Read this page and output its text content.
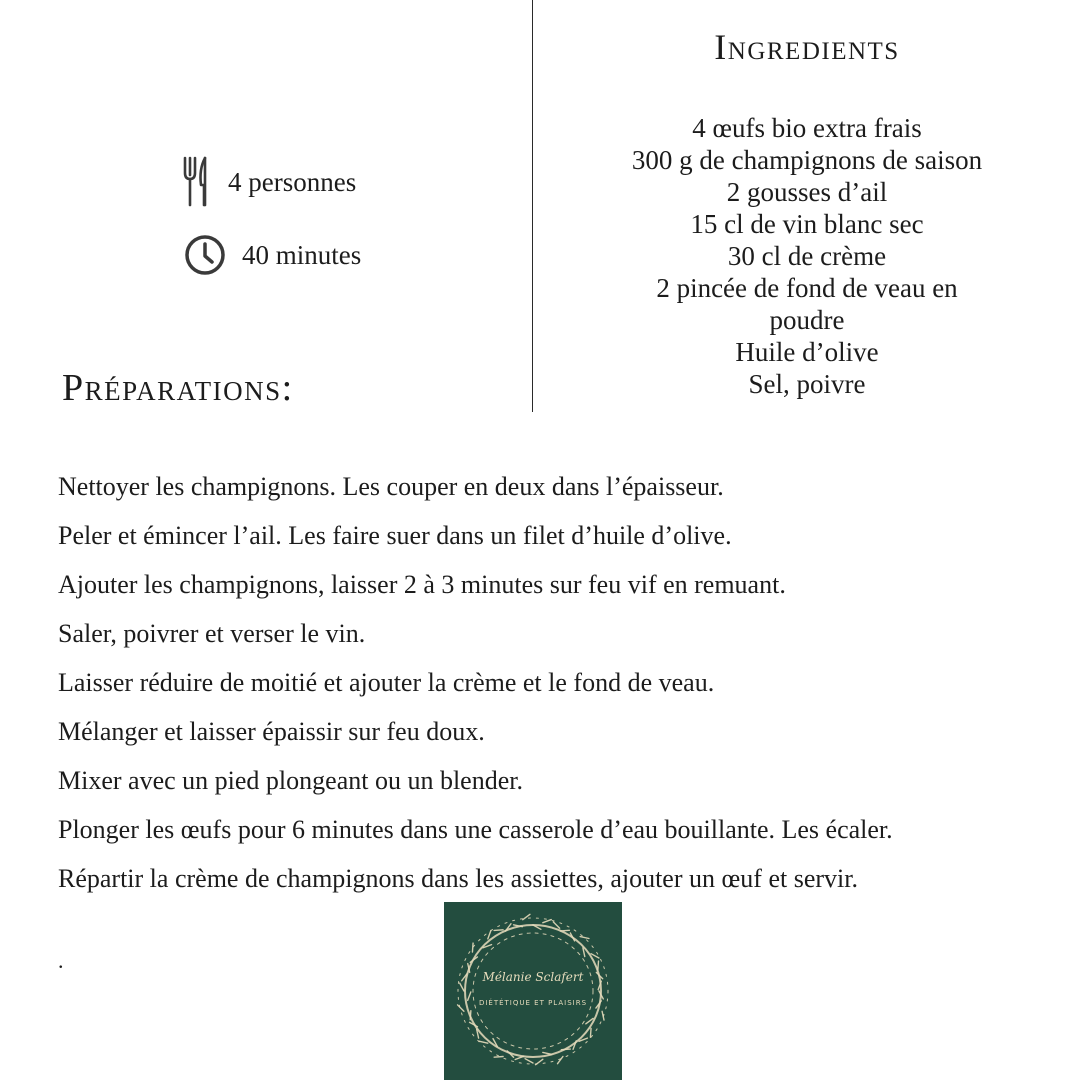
4 personnes
40 minutes
Ingredients
4 œufs bio extra frais
300 g de champignons de saison
2 gousses d’ail
15 cl de vin blanc sec
30 cl de crème
2 pincée de fond de veau en
poudre
Huile d’olive
Sel, poivre
Préparations:
Nettoyer les champignons. Les couper en deux dans l’épaisseur.
Peler et émincer l’ail. Les faire suer dans un filet d’huile d’olive.
Ajouter les champignons, laisser 2 à 3 minutes sur feu vif en remuant.
Saler, poivrer et verser le vin.
Laisser réduire de moitié et ajouter la crème et le fond de veau.
Mélanger et laisser épaissir sur feu doux.
Mixer avec un pied plongeant ou un blender.
Plonger les œufs pour 6 minutes dans une casserole d’eau bouillante. Les écaler.
Répartir la crème de champignons dans les assiettes, ajouter un œuf et servir.
.
Mélanie Sclafert
DIÉTÉTIQUE ET PLAISIRS
